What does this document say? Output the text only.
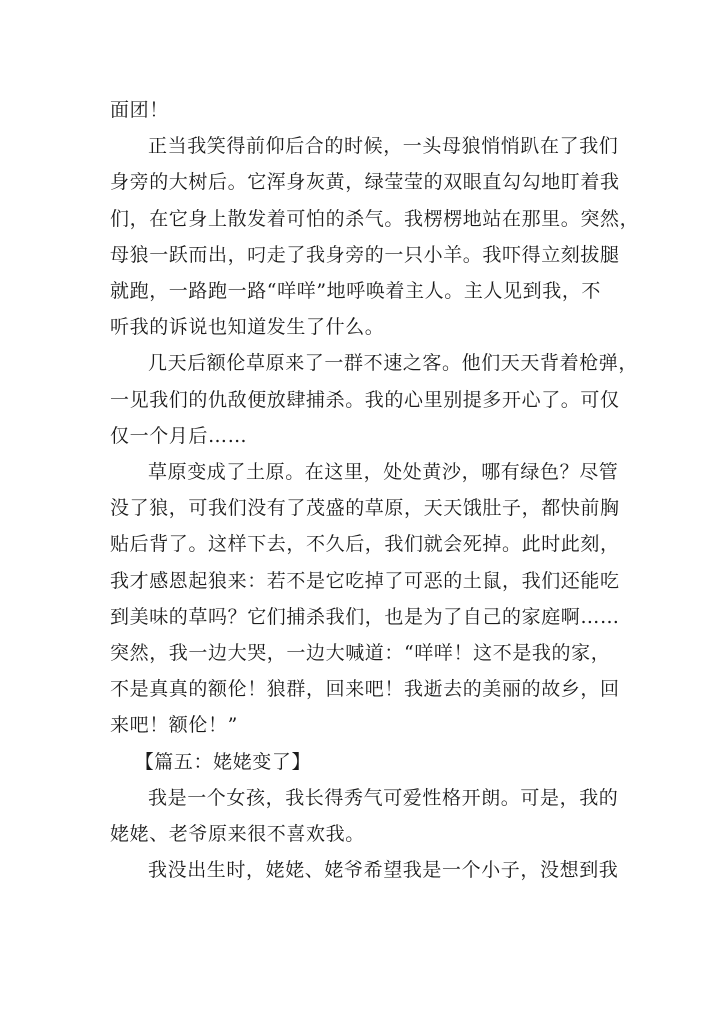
面团！

正当我笑得前仰后合的时候，一头母狼悄悄趴在了我们
身旁的大树后。它浑身灰黄，绿莹莹的双眼直勾勾地盯着我
们，在它身上散发着可怕的杀气。我楞楞地站在那里。突然，
母狼一跃而出，叼走了我身旁的一只小羊。我吓得立刻拔腿
就跑，一路跑一路“咩咩”地呼唤着主人。主人见到我，不
听我的诉说也知道发生了什么。

几天后额伦草原来了一群不速之客。他们天天背着枪弹，
一见我们的仇敌便放肆捕杀。我的心里别提多开心了。可仅
仅一个月后……

草原变成了土原。在这里，处处黄沙，哪有绿色？尽管
没了狼，可我们没有了茂盛的草原，天天饿肚子，都快前胸
贴后背了。这样下去，不久后，我们就会死掉。此时此刻，
我才感恩起狼来：若不是它吃掉了可恶的土鼠，我们还能吃
到美味的草吗？它们捕杀我们，也是为了自己的家庭啊……
突然，我一边大哭，一边大喊道：“咩咩！这不是我的家，
不是真真的额伦！狼群，回来吧！我逝去的美丽的故乡，回
来吧！额伦！”

【篇五：姥姥变了】

我是一个女孩，我长得秀气可爱性格开朗。可是，我的
姥姥、老爷原来很不喜欢我。

我没出生时，姥姥、姥爷希望我是一个小子，没想到我
